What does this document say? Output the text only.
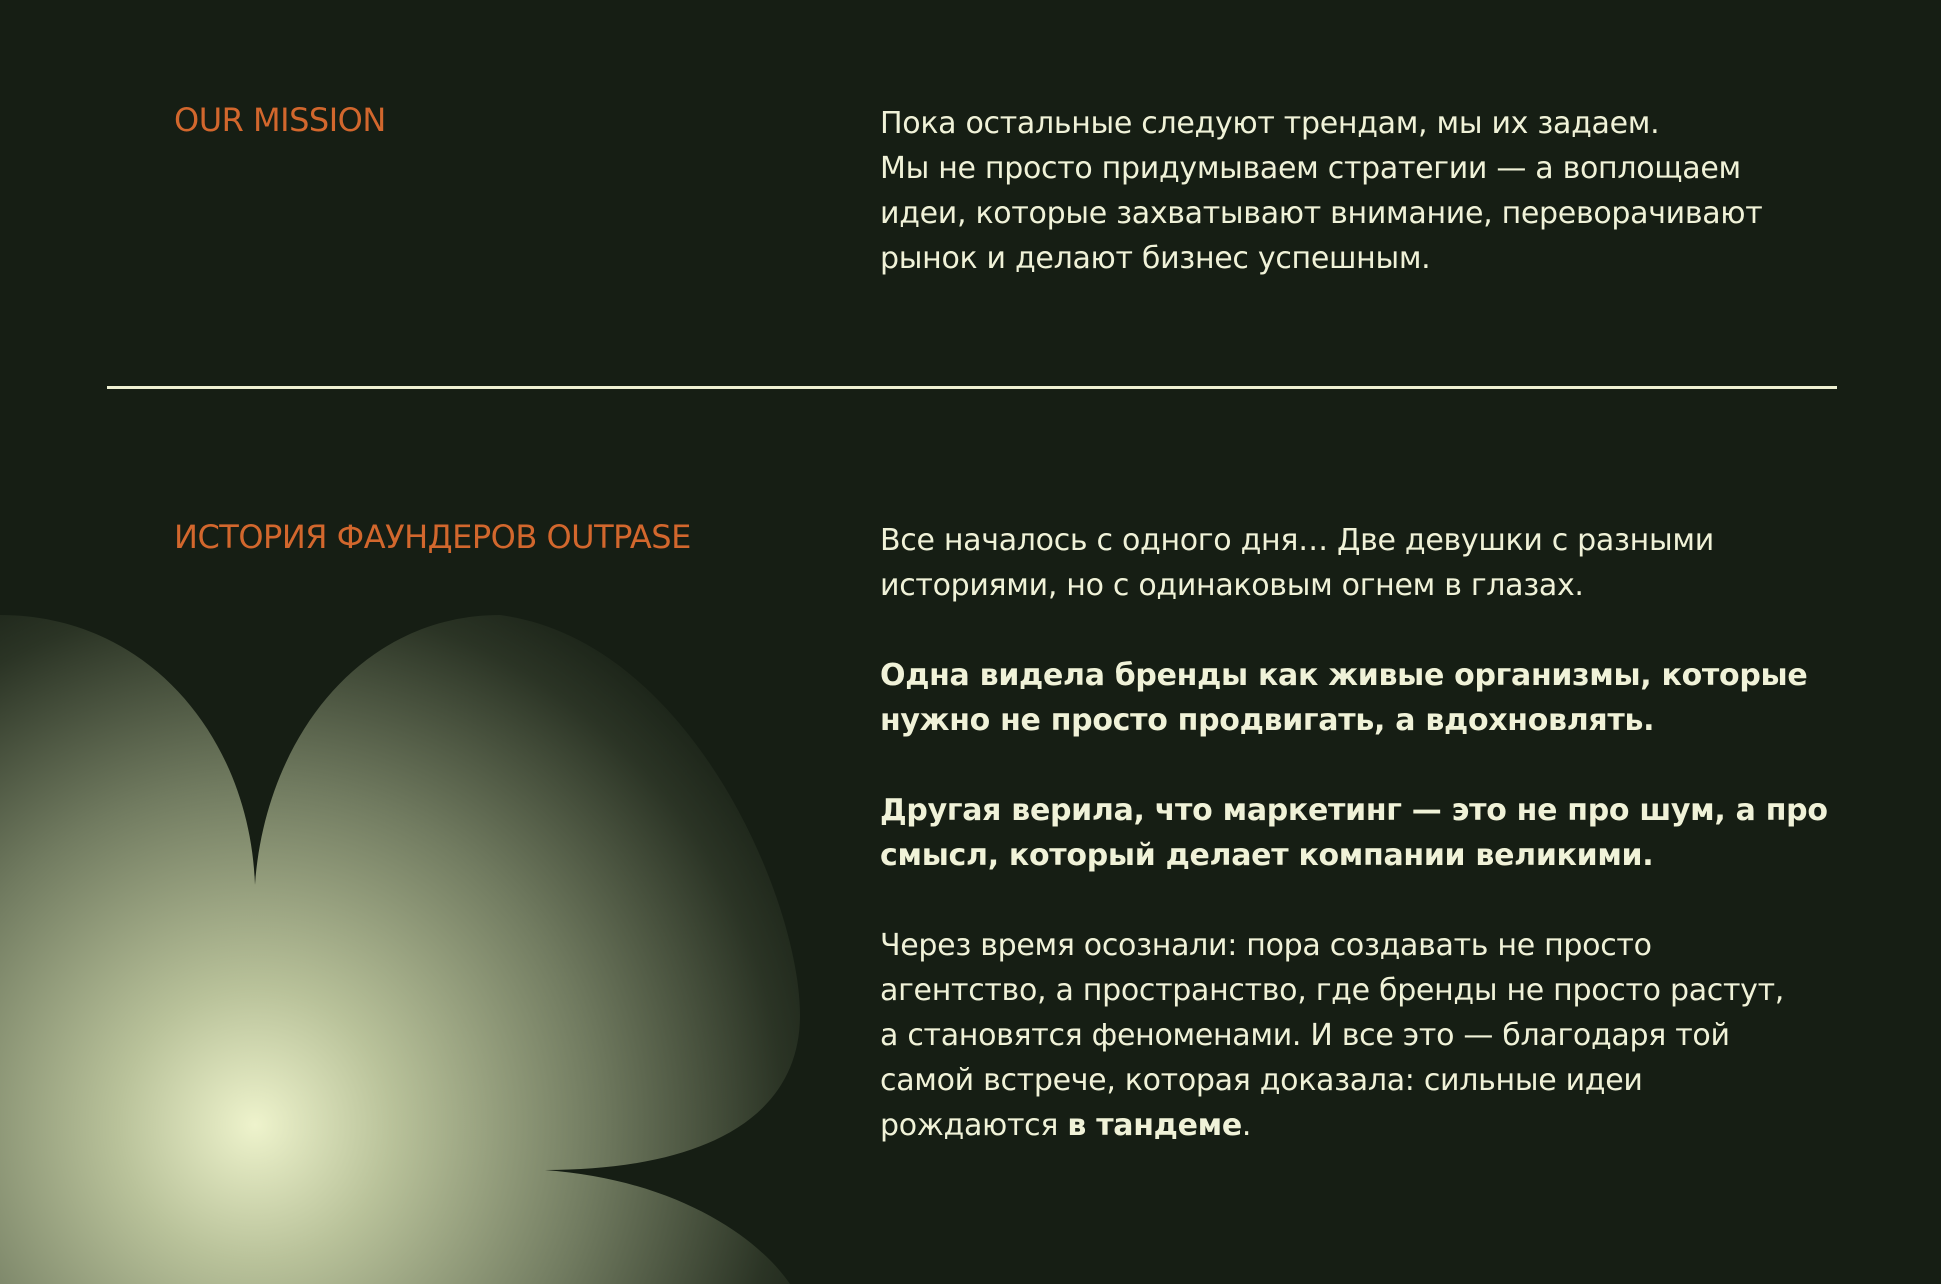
OUR MISSION	Пока остальные следуют трендам, мы их задаем.
Мы не просто придумываем стратегии — а воплощаем
идеи, которые захватывают внимание, переворачивают
рынок и делают бизнес успешным.

ИСТОРИЯ ФАУНДЕРОВ OUTPASE	Все началось с одного дня… Две девушки с разными
историями, но с одинаковым огнем в глазах.

Одна видела бренды как живые организмы, которые
нужно не просто продвигать, а вдохновлять.

Другая верила, что маркетинг — это не про шум, а про
смысл, который делает компании великими.

Через время осознали: пора создавать не просто
агентство, а пространство, где бренды не просто растут,
а становятся феноменами. И все это — благодаря той
самой встрече, которая доказала: сильные идеи
рождаются в тандеме.
